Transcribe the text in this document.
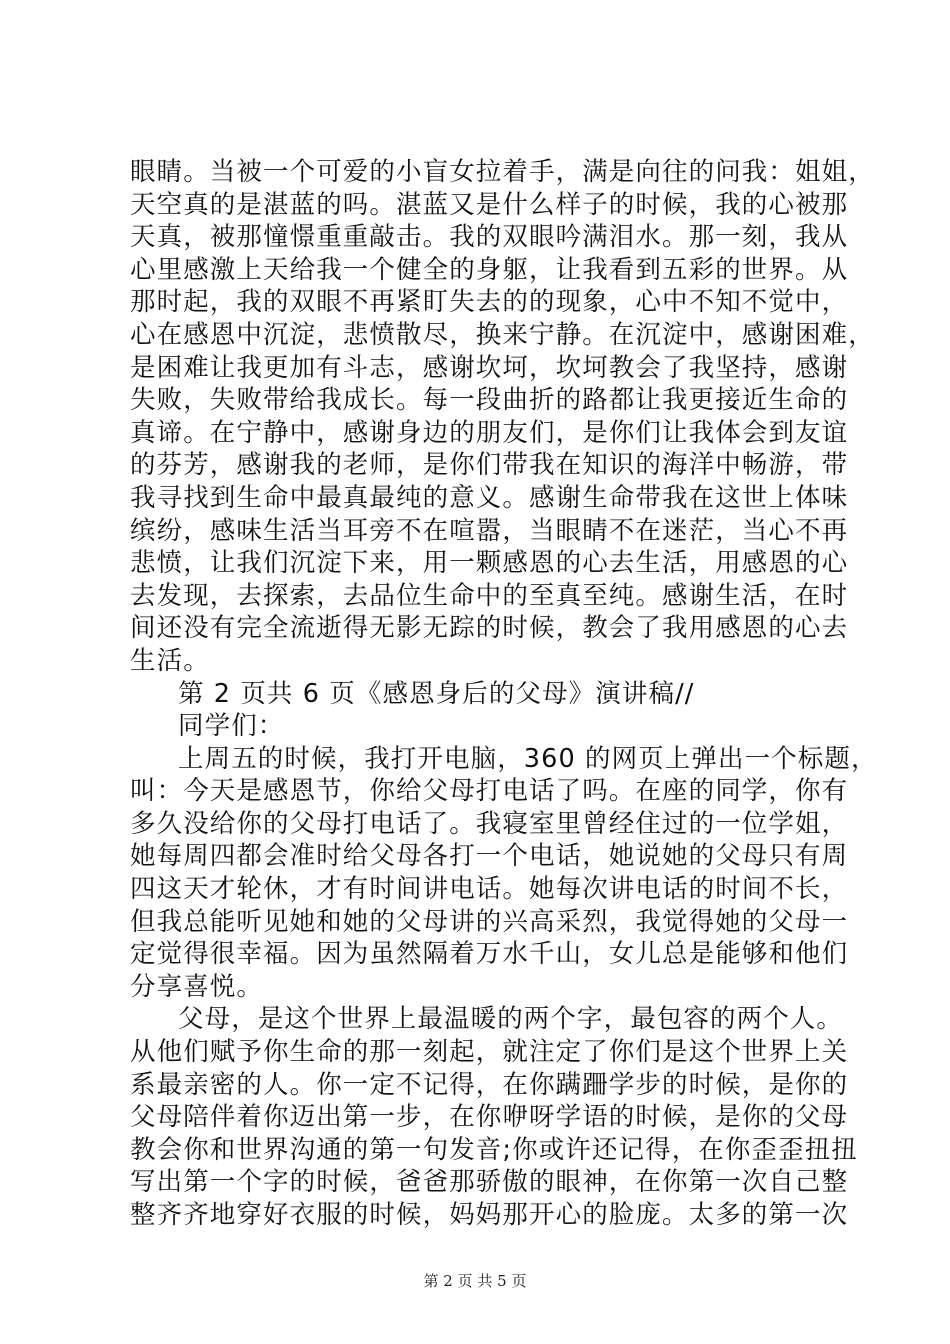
眼睛。当被一个可爱的小盲女拉着手，满是向往的问我：姐姐，
天空真的是湛蓝的吗。湛蓝又是什么样子的时候，我的心被那
天真，被那憧憬重重敲击。我的双眼吟满泪水。那一刻，我从
心里感激上天给我一个健全的身躯，让我看到五彩的世界。从
那时起，我的双眼不再紧盯失去的的现象，心中不知不觉中，
心在感恩中沉淀，悲愤散尽，换来宁静。在沉淀中，感谢困难，
是困难让我更加有斗志，感谢坎坷，坎坷教会了我坚持，感谢
失败，失败带给我成长。每一段曲折的路都让我更接近生命的
真谛。在宁静中，感谢身边的朋友们，是你们让我体会到友谊
的芬芳，感谢我的老师，是你们带我在知识的海洋中畅游，带
我寻找到生命中最真最纯的意义。感谢生命带我在这世上体味
缤纷，感味生活当耳旁不在喧嚣，当眼睛不在迷茫，当心不再
悲愤，让我们沉淀下来，用一颗感恩的心去生活，用感恩的心
去发现，去探索，去品位生命中的至真至纯。感谢生活，在时
间还没有完全流逝得无影无踪的时候，教会了我用感恩的心去
生活。
第 2 页共 6 页《感恩身后的父母》演讲稿//
同学们：
上周五的时候，我打开电脑，360 的网页上弹出一个标题，
叫：今天是感恩节，你给父母打电话了吗。在座的同学，你有
多久没给你的父母打电话了。我寝室里曾经住过的一位学姐，
她每周四都会准时给父母各打一个电话，她说她的父母只有周
四这天才轮休，才有时间讲电话。她每次讲电话的时间不长，
但我总能听见她和她的父母讲的兴高采烈，我觉得她的父母一
定觉得很幸福。因为虽然隔着万水千山，女儿总是能够和他们
分享喜悦。
父母，是这个世界上最温暖的两个字，最包容的两个人。
从他们赋予你生命的那一刻起，就注定了你们是这个世界上关
系最亲密的人。你一定不记得，在你蹒跚学步的时候，是你的
父母陪伴着你迈出第一步，在你咿呀学语的时候，是你的父母
教会你和世界沟通的第一句发音;你或许还记得，在你歪歪扭扭
写出第一个字的时候，爸爸那骄傲的眼神，在你第一次自己整
整齐齐地穿好衣服的时候，妈妈那开心的脸庞。太多的第一次
第 2 页 共 5 页
